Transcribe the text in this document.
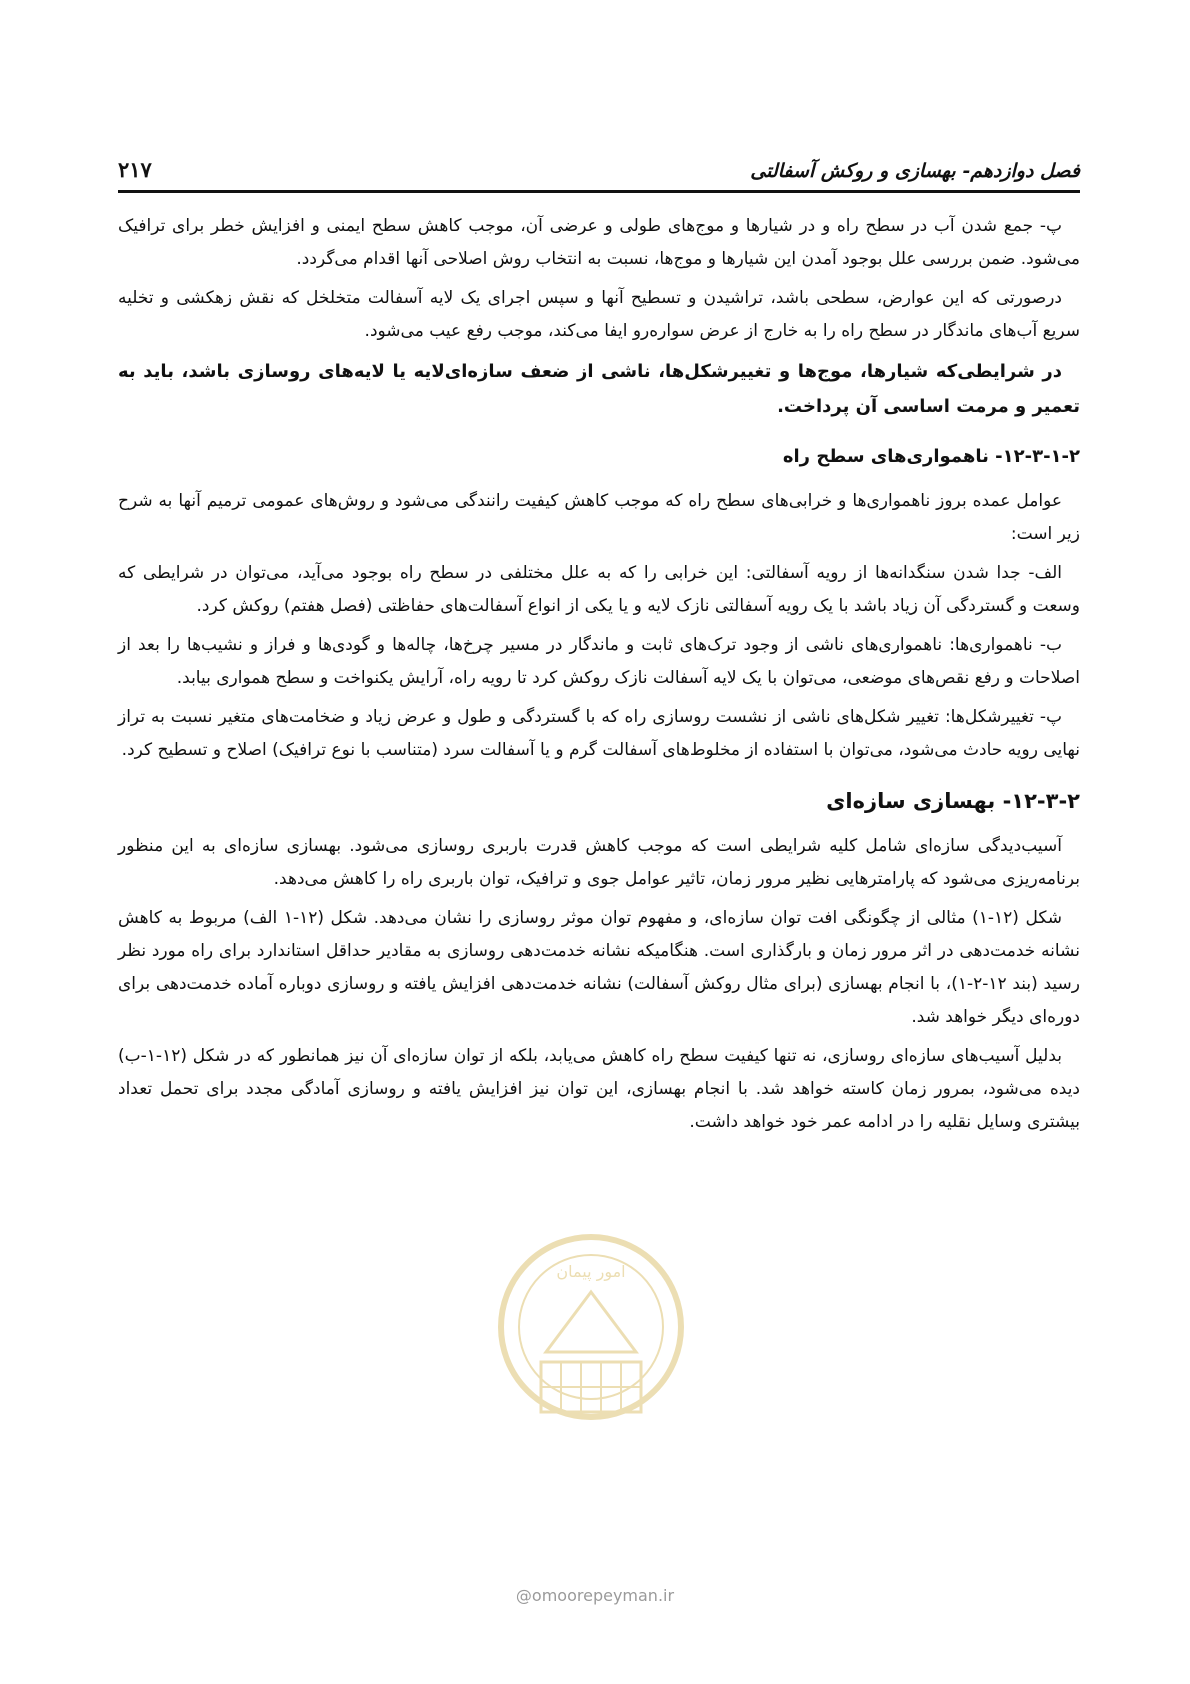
فصل دوازدهم- بهسازی و روکش آسفالتی
۲۱۷

پ- جمع شدن آب در سطح راه و در شیارها و موج‌های طولی و عرضی آن، موجب کاهش سطح ایمنی و افزایش خطر برای ترافیک می‌شود. ضمن بررسی علل بوجود آمدن این شیارها و موج‌ها، نسبت به انتخاب روش اصلاحی آنها اقدام می‌گردد.

درصورتی که این عوارض، سطحی باشد، تراشیدن و تسطیح آنها و سپس اجرای یک لایه آسفالت متخلخل که نقش زهکشی و تخلیه سریع آب‌های ماندگار در سطح راه را به خارج از عرض سواره‌رو ایفا می‌کند، موجب رفع عیب می‌شود.

در شرایطی‌که شیارها، موج‌ها و تغییرشکل‌ها، ناشی از ضعف سازه‌ای‌لایه یا لایه‌های روسازی باشد، باید به تعمیر و مرمت اساسی آن پرداخت.

۱۲-۳-۱-۲- ناهمواری‌های سطح راه

عوامل عمده بروز ناهمواری‌ها و خرابی‌های سطح راه که موجب کاهش کیفیت رانندگی می‌شود و روش‌های عمومی ترمیم آنها به شرح زیر است:

الف- جدا شدن سنگدانه‌ها از رویه آسفالتی: این خرابی را که به علل مختلفی در سطح راه بوجود می‌آید، می‌توان در شرایطی که وسعت و گستردگی آن زیاد باشد با یک رویه آسفالتی نازک لایه و یا یکی از انواع آسفالت‌های حفاظتی (فصل هفتم) روکش کرد.

ب- ناهمواری‌ها: ناهمواری‌های ناشی از وجود ترک‌های ثابت و ماندگار در مسیر چرخ‌ها، چاله‌ها و گودی‌ها و فراز و نشیب‌ها را بعد از اصلاحات و رفع نقص‌های موضعی، می‌توان با یک لایه آسفالت نازک روکش کرد تا رویه راه، آرایش یکنواخت و سطح همواری بیابد.

پ- تغییرشکل‌ها: تغییر شکل‌های ناشی از نشست روسازی راه که با گستردگی و طول و عرض زیاد و ضخامت‌های متغیر نسبت به تراز نهایی رویه حادث می‌شود، می‌توان با استفاده از مخلوط‌های آسفالت گرم و یا آسفالت سرد (متناسب با نوع ترافیک) اصلاح و تسطیح کرد.

۱۲-۳-۲- بهسازی سازه‌ای

آسیب‌دیدگی سازه‌ای شامل کلیه شرایطی است که موجب کاهش قدرت باربری روسازی می‌شود. بهسازی سازه‌ای به این منظور برنامه‌ریزی می‌شود که پارامترهایی نظیر مرور زمان، تاثیر عوامل جوی و ترافیک، توان باربری راه را کاهش می‌دهد.

شکل (۱۲-۱) مثالی از چگونگی افت توان سازه‌ای، و مفهوم توان موثر روسازی را نشان می‌دهد. شکل (۱۲-۱ الف) مربوط به کاهش نشانه خدمت‌دهی در اثر مرور زمان و بارگذاری است. هنگامیکه نشانه خدمت‌دهی روسازی به مقادیر حداقل استاندارد برای راه مورد نظر رسید (بند ۱۲-۲-۱)، با انجام بهسازی (برای مثال روکش آسفالت) نشانه خدمت‌دهی افزایش یافته و روسازی دوباره آماده خدمت‌دهی برای دوره‌ای دیگر خواهد شد.

بدلیل آسیب‌های سازه‌ای روسازی، نه تنها کیفیت سطح راه کاهش می‌یابد، بلکه از توان سازه‌ای آن نیز همانطور که در شکل (۱۲-۱-ب) دیده می‌شود، بمرور زمان کاسته خواهد شد. با انجام بهسازی، این توان نیز افزایش یافته و روسازی آمادگی مجدد برای تحمل تعداد بیشتری وسایل نقلیه را در ادامه عمر خود خواهد داشت.

امور پیمان
@omoorepeyman.ir
